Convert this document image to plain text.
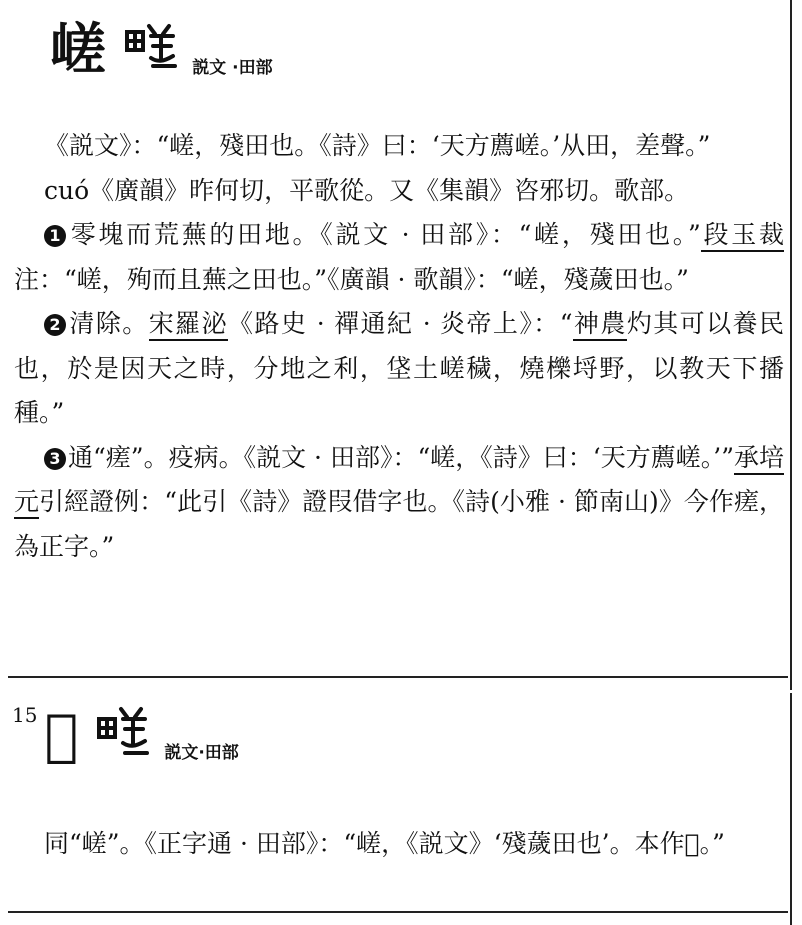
嵯	説文 ·田部

《説文》：“嵯，殘田也。《詩》曰：‘天方薦嵯。’从田，差聲。”

cuó《廣韻》昨何切，平歌從。又《集韻》咨邪切。歌部。

1 零塊而荒蕪的田地。《説文 · 田部》：“嵯，殘田也。”段玉裁注：“嵯，殉而且蕪之田也。”《廣韻 · 歌韻》：“嵯，殘薉田也。”

2 清除。宋羅泌《路史 · 禪通紀 · 炎帝上》：“神農灼其可以養民也，於是因天之時，分地之利，垡土嵯穢，燒櫟埒野，以教天下播種。”

3 通“瘥”。疫病。《説文 · 田部》：“嵯，《詩》曰：‘天方薦嵯。’”承培元引經證例：“此引《詩》證叚借字也。《詩(小雅 · 節南山)》今作瘥，為正字。”

15 𤳀	説文·田部

同“嵯”。《正字通 · 田部》：“嵯，《説文》‘殘薉田也’。本作𤳀。”
